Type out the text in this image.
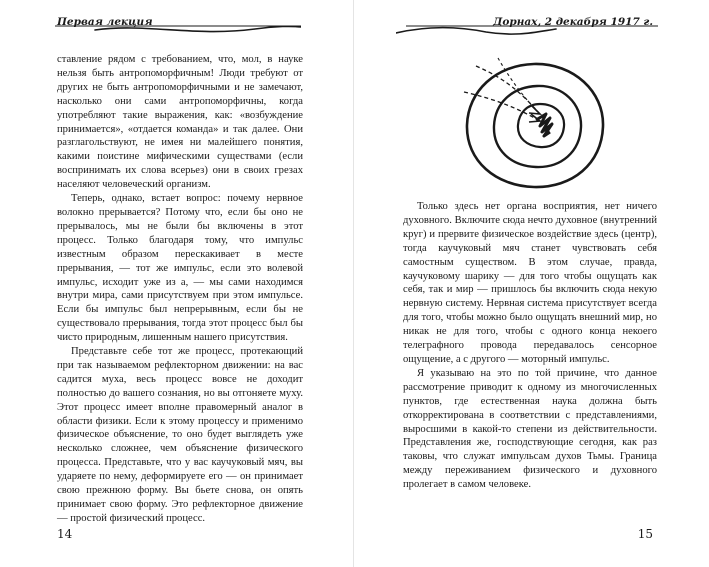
Первая лекция

ставление рядом с требованием, что, мол, в науке нельзя быть антропоморфичным! Люди требуют от других не быть антропоморфичными и не замечают, насколько они сами антропоморфичны, когда употребляют такие выражения, как: «возбуждение принимается», «отдается команда» и так далее. Они разглагольствуют, не имея ни малейшего понятия, какими поистине мифическими существами (если воспринимать их слова всерьез) они в своих грезах населяют человеческий организм.

Теперь, однако, встает вопрос: почему нервное волокно прерывается? Потому что, если бы оно не прерывалось, мы не были бы включены в этот процесс. Только благодаря тому, что импульс известным образом перескакивает в месте прерывания, — тот же импульс, если это волевой импульс, исходит уже из а, — мы сами находимся внутри мира, сами присутствуем при этом импульсе. Если бы импульс был непрерывным, если бы не существовало прерывания, тогда этот процесс был бы чисто природным, лишенным нашего присутствия.

Представьте себе тот же процесс, протекающий при так называемом рефлекторном движении: на вас садится муха, весь процесс вовсе не доходит полностью до вашего сознания, но вы отгоняете муху. Этот процесс имеет вполне правомерный аналог в области физики. Если к этому процессу и применимо физическое объяснение, то оно будет выглядеть уже несколько сложнее, чем объяснение физического процесса. Представьте, что у вас каучуковый мяч, вы ударяете по нему, деформируете его — он принимает свою прежнюю форму. Вы бьете снова, он опять принимает свою форму. Это рефлекторное движение — простой физический процесс.

14
Дорнах, 2 декабря 1917 г.

Только здесь нет органа восприятия, нет ничего духовного. Включите сюда нечто духовное (внутренний круг) и прервите физическое воздействие здесь (центр), тогда каучуковый мяч станет чувствовать себя самостным существом. В этом случае, правда, каучуковому шарику — для того чтобы ощущать как себя, так и мир — пришлось бы включить сюда некую нервную систему. Нервная система присутствует всегда для того, чтобы можно было ощущать внешний мир, но никак не для того, чтобы с одного конца некоего телеграфного провода передавалось сенсорное ощущение, а с другого — моторный импульс.

Я указываю на это по той причине, что данное рассмотрение приводит к одному из многочисленных пунктов, где естественная наука должна быть откорректирована в соответствии с представлениями, выросшими в какой-то степени из действительности. Представления же, господствующие сегодня, как раз таковы, что служат импульсам духов Тьмы. Граница между переживанием физического и духовного пролегает в самом человеке.

15
